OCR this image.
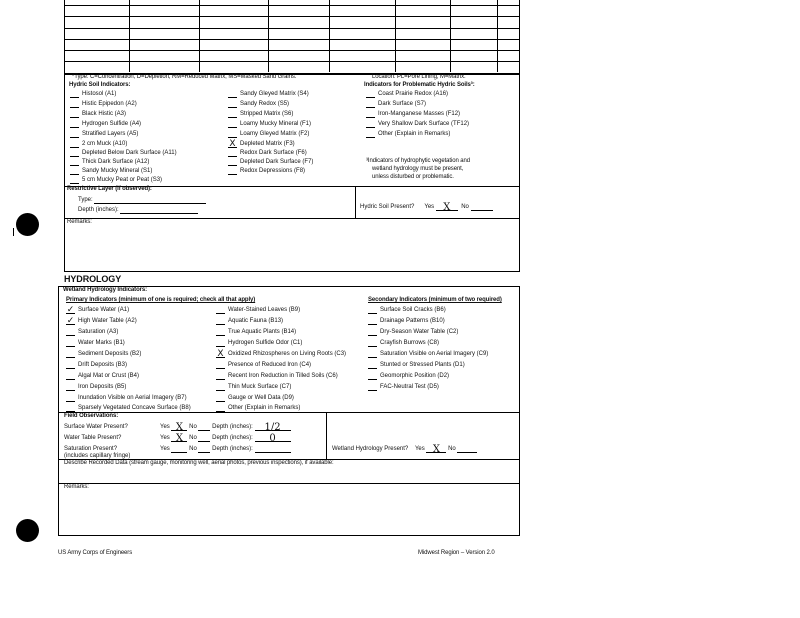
*Type: C=Concentration, D=Depletion, RM=Reduced Matrix, MS=Masked Sand Grains.	Location: PL=Pore Lining, M=Matrix.
Hydric Soil Indicators:	Indicators for Problematic Hydric Soils³:
Histosol (A1)
Histic Epipedon (A2)
Black Histic (A3)
Hydrogen Sulfide (A4)
Stratified Layers (A5)
2 cm Muck (A10)
Depleted Below Dark Surface (A11)
Thick Dark Surface (A12)
Sandy Mucky Mineral (S1)
5 cm Mucky Peat or Peat (S3)
Sandy Gleyed Matrix (S4)
Sandy Redox (S5)
Stripped Matrix (S6)
Loamy Mucky Mineral (F1)
Loamy Gleyed Matrix (F2)
X Depleted Matrix (F3)
Redox Dark Surface (F6)
Depleted Dark Surface (F7)
Redox Depressions (F8)
Coast Prairie Redox (A16)
Dark Surface (S7)
Iron-Manganese Masses (F12)
Very Shallow Dark Surface (TF12)
Other (Explain in Remarks)
³Indicators of hydrophytic vegetation and
wetland hydrology must be present,
unless disturbed or problematic.
Restrictive Layer (if observed):
Type:
Depth (inches):	Hydric Soil Present? Yes X No
Remarks:
HYDROLOGY
Wetland Hydrology Indicators:
Primary Indicators (minimum of one is required; check all that apply)	Secondary Indicators (minimum of two required)
✓ Surface Water (A1)
✓ High Water Table (A2)
Saturation (A3)
Water Marks (B1)
Sediment Deposits (B2)
Drift Deposits (B3)
Algal Mat or Crust (B4)
Iron Deposits (B5)
Inundation Visible on Aerial Imagery (B7)
Sparsely Vegetated Concave Surface (B8)
Water-Stained Leaves (B9)
Aquatic Fauna (B13)
True Aquatic Plants (B14)
Hydrogen Sulfide Odor (C1)
X Oxidized Rhizospheres on Living Roots (C3)
Presence of Reduced Iron (C4)
Recent Iron Reduction in Tilled Soils (C6)
Thin Muck Surface (C7)
Gauge or Well Data (D9)
Other (Explain in Remarks)
Surface Soil Cracks (B6)
Drainage Patterns (B10)
Dry-Season Water Table (C2)
Crayfish Burrows (C8)
Saturation Visible on Aerial Imagery (C9)
Stunted or Stressed Plants (D1)
Geomorphic Position (D2)
FAC-Neutral Test (D5)
Field Observations:
Surface Water Present?	Yes X No	Depth (inches): 1/2
Water Table Present?	Yes X No	Depth (inches): 0
Saturation Present?
(includes capillary fringe)
Yes	No	Depth (inches):	Wetland Hydrology Present? Yes X No
Describe Recorded Data (stream gauge, monitoring well, aerial photos, previous inspections), if available:
Remarks:
US Army Corps of Engineers	Midwest Region – Version 2.0
